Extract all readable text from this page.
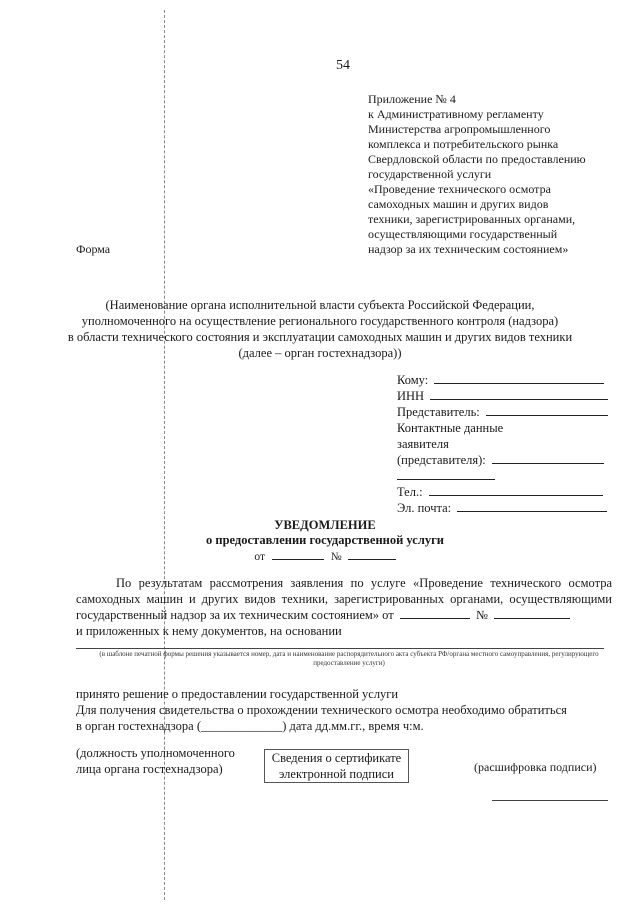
54
Приложение № 4
к Административному регламенту
Министерства агропромышленного
комплекса и потребительского рынка
Свердловской области по предоставлению
государственной услуги
«Проведение технического осмотра
самоходных машин и других видов
техники, зарегистрированных органами,
осуществляющими государственный
надзор за их техническим состоянием»
Форма
(Наименование органа исполнительной власти субъекта Российской Федерации,
уполномоченного на осуществление регионального государственного контроля (надзора)
в области технического состояния и эксплуатации самоходных машин и других видов техники
(далее – орган гостехнадзора))
Кому:
ИНН
Представитель:
Контактные данные
заявителя
(представителя):
Тел.:
Эл. почта:
УВЕДОМЛЕНИЕ
о предоставлении государственной услуги
от	№
По результатам рассмотрения заявления по услуге «Проведение технического осмотра самоходных машин и других видов техники, зарегистрированных органами, осуществляющими государственный надзор за их техническим состоянием» от	№
и приложенных к нему документов, на основании
(в шаблоне печатной формы решения указывается номер, дата и наименование распорядительного акта субъекта РФ/органа местного самоуправления, регулирующего предоставление услуги)
принято решение о предоставлении государственной услуги
Для получения свидетельства о прохождении технического осмотра необходимо обратиться
в орган гостехнадзора (_____________) дата дд.мм.гг., время ч:м.
(должность уполномоченного
лица органа гостехнадзора)
Сведения о сертификате
электронной подписи	(расшифровка подписи)
